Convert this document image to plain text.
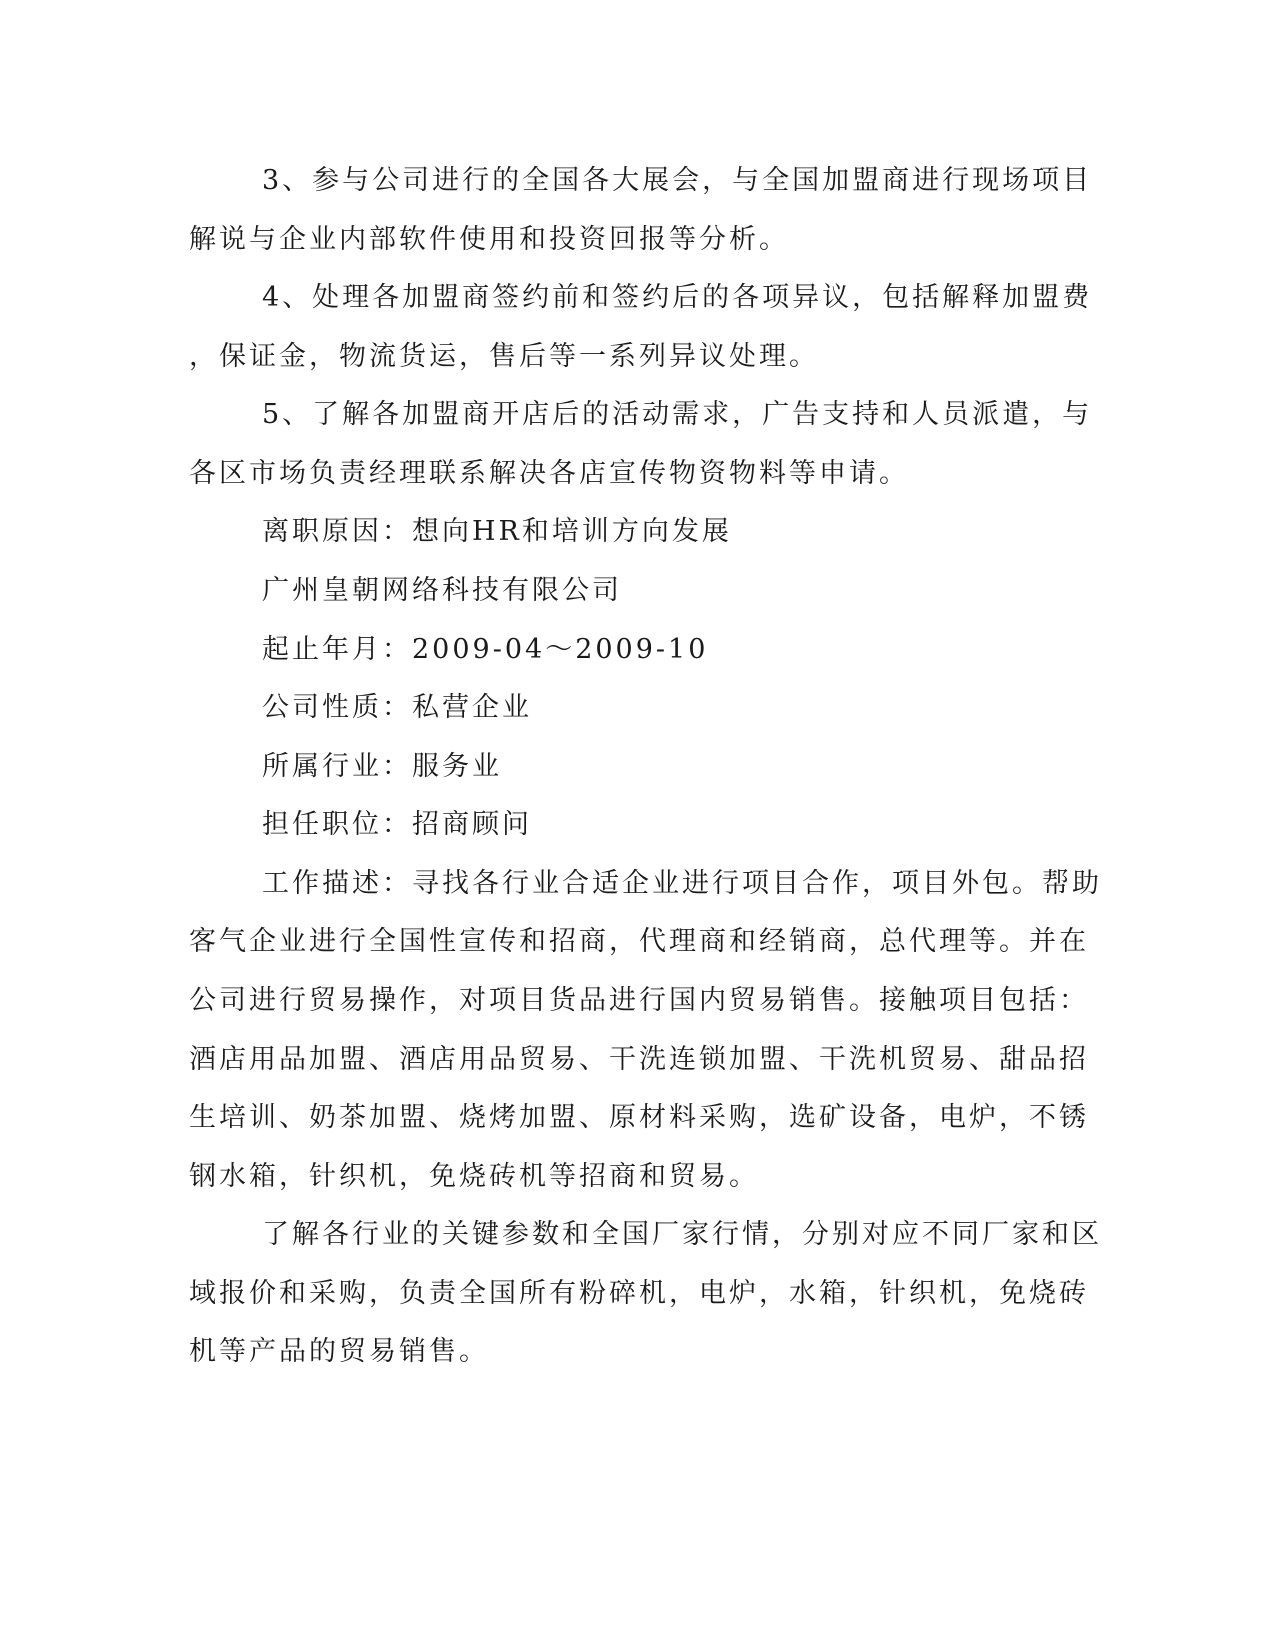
3、参与公司进行的全国各大展会，与全国加盟商进行现场项目

解说与企业内部软件使用和投资回报等分析。

4、处理各加盟商签约前和签约后的各项异议，包括解释加盟费

，保证金，物流货运，售后等一系列异议处理。

5、了解各加盟商开店后的活动需求，广告支持和人员派遣，与

各区市场负责经理联系解决各店宣传物资物料等申请。

离职原因：想向HR和培训方向发展

广州皇朝网络科技有限公司

起止年月：2009-04～2009-10

公司性质：私营企业

所属行业：服务业

担任职位：招商顾问

工作描述：寻找各行业合适企业进行项目合作，项目外包。帮助

客气企业进行全国性宣传和招商，代理商和经销商，总代理等。并在

公司进行贸易操作，对项目货品进行国内贸易销售。接触项目包括：

酒店用品加盟、酒店用品贸易、干洗连锁加盟、干洗机贸易、甜品招

生培训、奶茶加盟、烧烤加盟、原材料采购，选矿设备，电炉，不锈

钢水箱，针织机，免烧砖机等招商和贸易。

了解各行业的关键参数和全国厂家行情，分别对应不同厂家和区

域报价和采购，负责全国所有粉碎机，电炉，水箱，针织机，免烧砖

机等产品的贸易销售。
